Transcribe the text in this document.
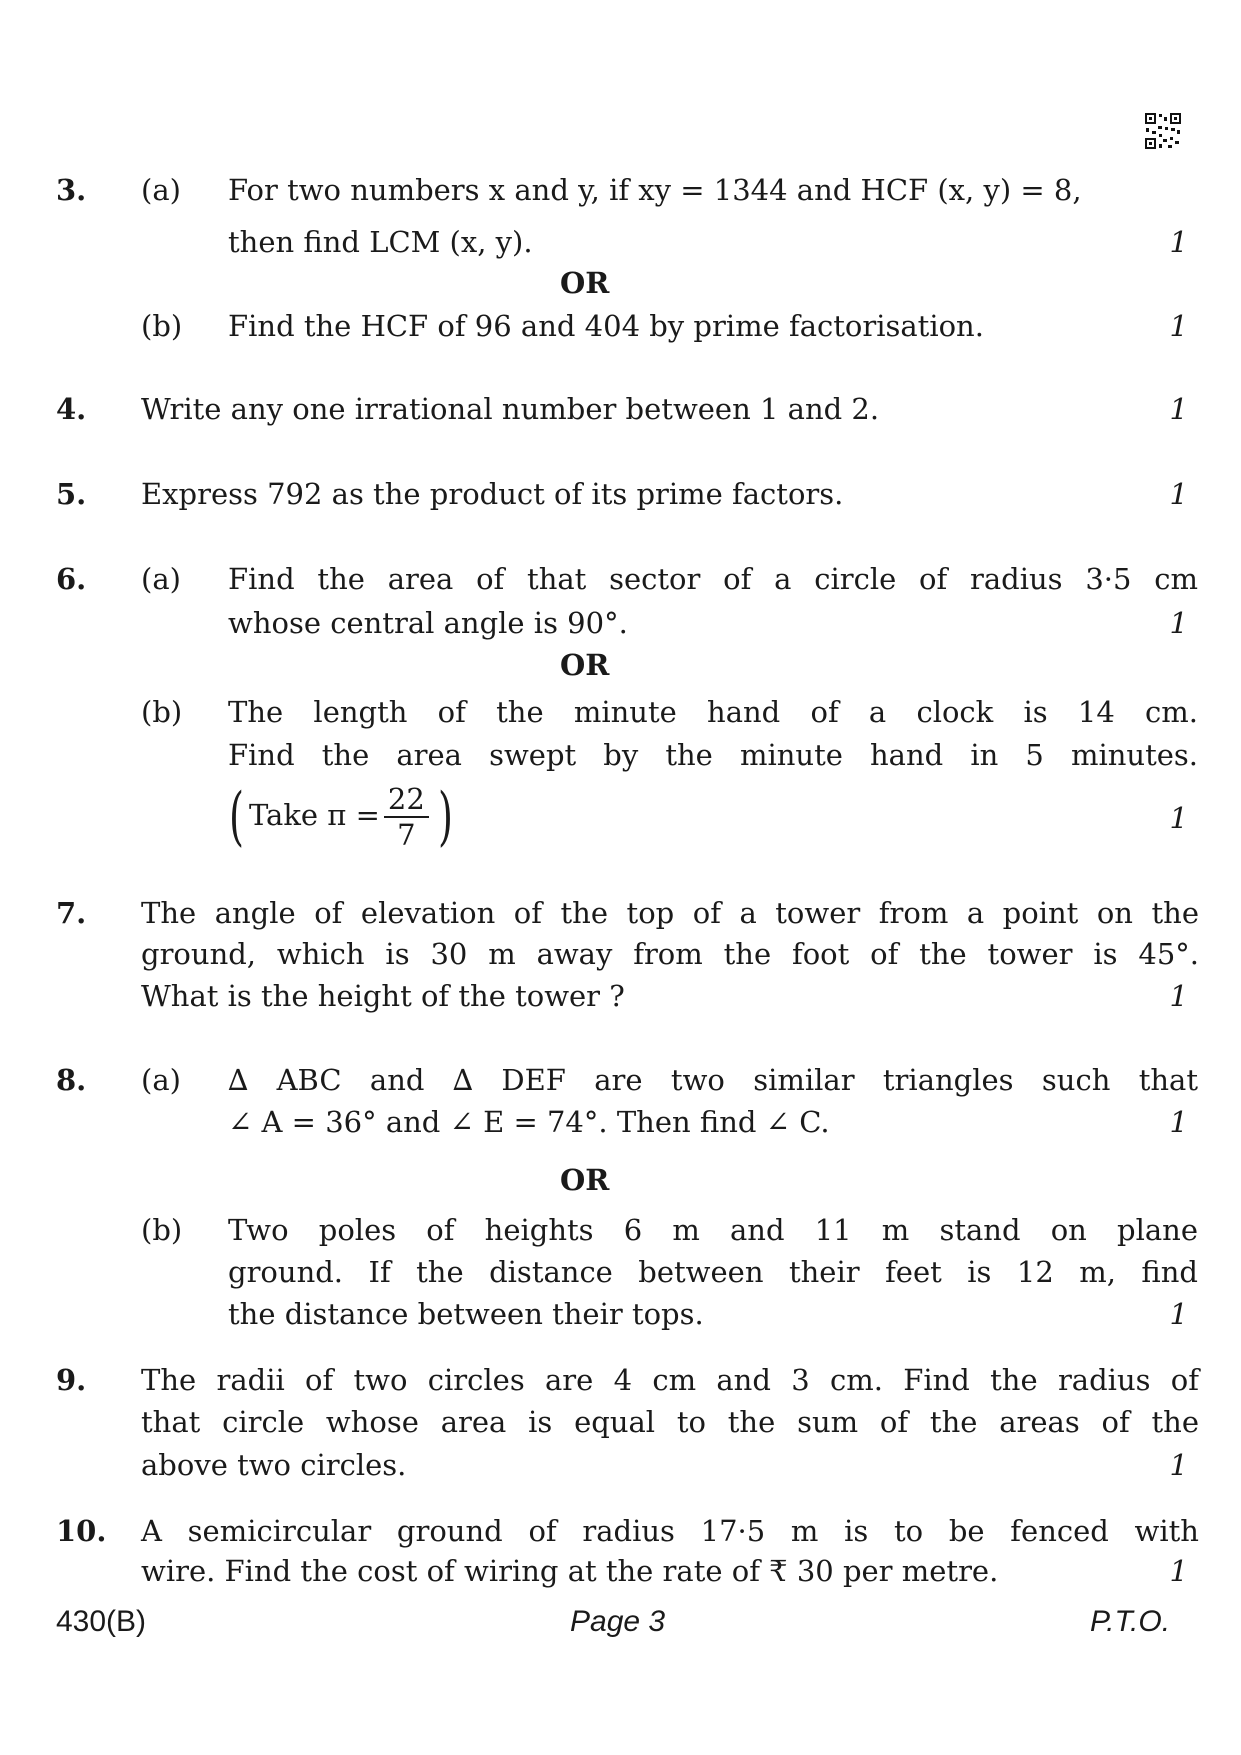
3. (a) For two numbers x and y, if xy = 1344 and HCF (x, y) = 8,
then find LCM (x, y).	1
OR
(b) Find the HCF of 96 and 404 by prime factorisation.	1
4. Write any one irrational number between 1 and 2.	1
5. Express 792 as the product of its prime factors.	1
6. (a) Find the area of that sector of a circle of radius 3·5 cm
whose central angle is 90°.	1
OR
(b) The length of the minute hand of a clock is 14 cm.
Find the area swept by the minute hand in 5 minutes.
( Take $\pi = \frac{22}{7}$ )	1
7. The angle of elevation of the top of a tower from a point on the
ground, which is 30 m away from the foot of the tower is 45°.
What is the height of the tower ?	1
8. (a) ∆ ABC and ∆ DEF are two similar triangles such that
∠ A = 36° and ∠ E = 74°. Then find ∠ C.	1
OR
(b) Two poles of heights 6 m and 11 m stand on plane
ground. If the distance between their feet is 12 m, find
the distance between their tops.	1
9. The radii of two circles are 4 cm and 3 cm. Find the radius of
that circle whose area is equal to the sum of the areas of the
above two circles.	1
10. A semicircular ground of radius 17·5 m is to be fenced with
wire. Find the cost of wiring at the rate of ₹ 30 per metre.	1
430(B)	Page 3	P.T.O.
